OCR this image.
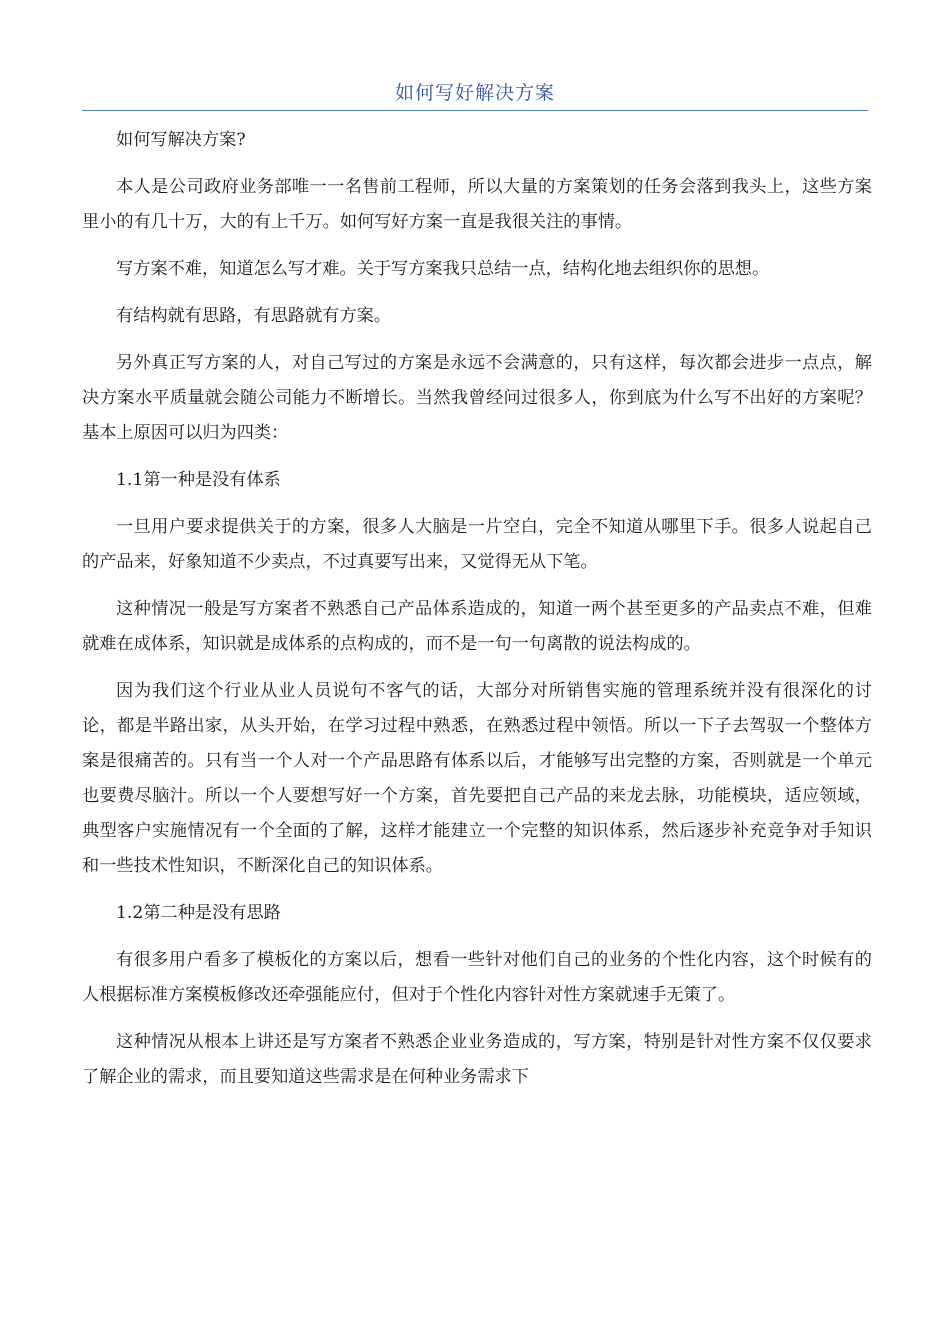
如何写好解决方案

如何写解决方案?

本人是公司政府业务部唯一一名售前工程师，所以大量的方案策划的任务会落到我头上，这些方案里小的有几十万，大的有上千万。如何写好方案一直是我很关注的事情。

写方案不难，知道怎么写才难。关于写方案我只总结一点，结构化地去组织你的思想。

有结构就有思路，有思路就有方案。

另外真正写方案的人，对自己写过的方案是永远不会满意的，只有这样，每次都会进步一点点，解决方案水平质量就会随公司能力不断增长。当然我曾经问过很多人，你到底为什么写不出好的方案呢？基本上原因可以归为四类：

1.1第一种是没有体系

一旦用户要求提供关于的方案，很多人大脑是一片空白，完全不知道从哪里下手。很多人说起自己的产品来，好象知道不少卖点，不过真要写出来，又觉得无从下笔。

这种情况一般是写方案者不熟悉自己产品体系造成的，知道一两个甚至更多的产品卖点不难，但难就难在成体系，知识就是成体系的点构成的，而不是一句一句离散的说法构成的。

因为我们这个行业从业人员说句不客气的话，大部分对所销售实施的管理系统并没有很深化的讨论，都是半路出家，从头开始，在学习过程中熟悉，在熟悉过程中领悟。所以一下子去驾驭一个整体方案是很痛苦的。只有当一个人对一个产品思路有体系以后，才能够写出完整的方案，否则就是一个单元也要费尽脑汁。所以一个人要想写好一个方案，首先要把自己产品的来龙去脉，功能模块，适应领域，典型客户实施情况有一个全面的了解，这样才能建立一个完整的知识体系，然后逐步补充竞争对手知识和一些技术性知识，不断深化自己的知识体系。

1.2第二种是没有思路

有很多用户看多了模板化的方案以后，想看一些针对他们自己的业务的个性化内容，这个时候有的人根据标准方案模板修改还牵强能应付，但对于个性化内容针对性方案就速手无策了。

这种情况从根本上讲还是写方案者不熟悉企业业务造成的，写方案，特别是针对性方案不仅仅要求了解企业的需求，而且要知道这些需求是在何种业务需求下
